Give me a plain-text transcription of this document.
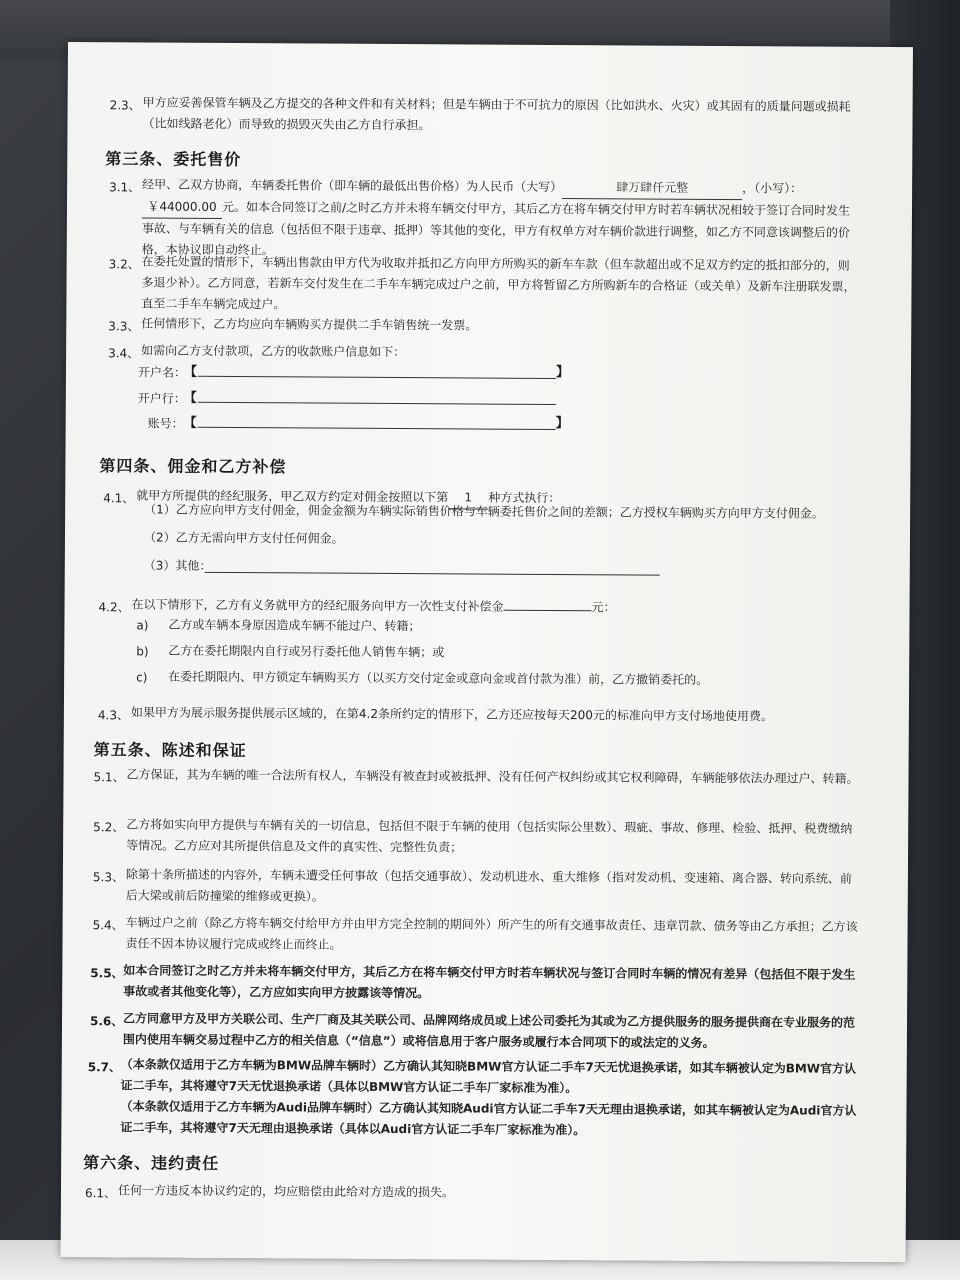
2.3、 甲方应妥善保管车辆及乙方提交的各种文件和有关材料；但是车辆由于不可抗力的原因（比如洪水、火灾）或其固有的质量问题或损耗（比如线路老化）而导致的损毁灭失由乙方自行承担。
第三条、委托售价
3.1、 经甲、乙双方协商，车辆委托售价（即车辆的最低出售价格）为人民币（大写）	肆万肆仟元整	，（小写）：
￥44000.00 元。如本合同签订之前/之时乙方并未将车辆交付甲方，其后乙方在将车辆交付甲方时若车辆状况相较于签订合同时发生事故、与车辆有关的信息（包括但不限于违章、抵押）等其他的变化，甲方有权单方对车辆价款进行调整，如乙方不同意该调整后的价格，本协议即自动终止。
3.2、 在委托处置的情形下，车辆出售款由甲方代为收取并抵扣乙方向甲方所购买的新车车款（但车款超出或不足双方约定的抵扣部分的，则多退少补）。乙方同意，若新车交付发生在二手车车辆完成过户之前，甲方将暂留乙方所购新车的合格证（或关单）及新车注册联发票，直至二手车车辆完成过户。
3.3、 任何情形下，乙方均应向车辆购买方提供二手车销售统一发票。
3.4、 如需向乙方支付款项，乙方的收款账户信息如下：
开户名：
【	】
开户行：
【
账号： 【	】
第四条、佣金和乙方补偿
4.1、 就甲方所提供的经纪服务，甲乙双方约定对佣金按照以下第 1 种方式执行：
（1）乙方应向甲方支付佣金，佣金金额为车辆实际销售价格与车辆委托售价之间的差额；乙方授权车辆购买方向甲方支付佣金。
（2）乙方无需向甲方支付任何佣金。
（3）其他：
4.2、 在以下情形下，乙方有义务就甲方的经纪服务向甲方一次性支付补偿金	元：
a) 乙方或车辆本身原因造成车辆不能过户、转籍；
b) 乙方在委托期限内自行或另行委托他人销售车辆；或
c) 在委托期限内、甲方锁定车辆购买方（以买方交付定金或意向金或首付款为准）前，乙方撤销委托的。
4.3、 如果甲方为展示服务提供展示区域的，在第4.2条所约定的情形下，乙方还应按每天200元的标准向甲方支付场地使用费。
第五条、陈述和保证
5.1、 乙方保证，其为车辆的唯一合法所有权人，车辆没有被查封或被抵押、没有任何产权纠纷或其它权利障碍，车辆能够依法办理过户、转籍。
5.2、 乙方将如实向甲方提供与车辆有关的一切信息，包括但不限于车辆的使用（包括实际公里数）、瑕疵、事故、修理、检验、抵押、税费缴纳等情况。乙方应对其所提供信息及文件的真实性、完整性负责；
5.3、 除第十条所描述的内容外，车辆未遭受任何事故（包括交通事故）、发动机进水、重大维修（指对发动机、变速箱、离合器、转向系统、前后大梁或前后防撞梁的维修或更换）。
5.4、 车辆过户之前（除乙方将车辆交付给甲方并由甲方完全控制的期间外）所产生的所有交通事故责任、违章罚款、债务等由乙方承担；乙方该责任不因本协议履行完成或终止而终止。
5.5、 如本合同签订之时乙方并未将车辆交付甲方，其后乙方在将车辆交付甲方时若车辆状况与签订合同时车辆的情况有差异（包括但不限于发生事故或者其他变化等），乙方应如实向甲方披露该等情况。
5.6、 乙方同意甲方及甲方关联公司、生产厂商及其关联公司、品牌网络成员或上述公司委托为其或为乙方提供服务的服务提供商在专业服务的范围内使用车辆交易过程中乙方的相关信息（“信息”）或将信息用于客户服务或履行本合同项下的或法定的义务。
5.7、 （本条款仅适用于乙方车辆为BMW品牌车辆时）乙方确认其知晓BMW官方认证二手车7天无忧退换承诺，如其车辆被认定为BMW官方认证二手车，其将遵守7天无忧退换承诺（具体以BMW官方认证二手车厂家标准为准）。
（本条款仅适用于乙方车辆为Audi品牌车辆时）乙方确认其知晓Audi官方认证二手车7天无理由退换承诺，如其车辆被认定为Audi官方认证二手车，其将遵守7天无理由退换承诺（具体以Audi官方认证二手车厂家标准为准）。
第六条、违约责任
6.1、 任何一方违反本协议约定的，均应赔偿由此给对方造成的损失。
